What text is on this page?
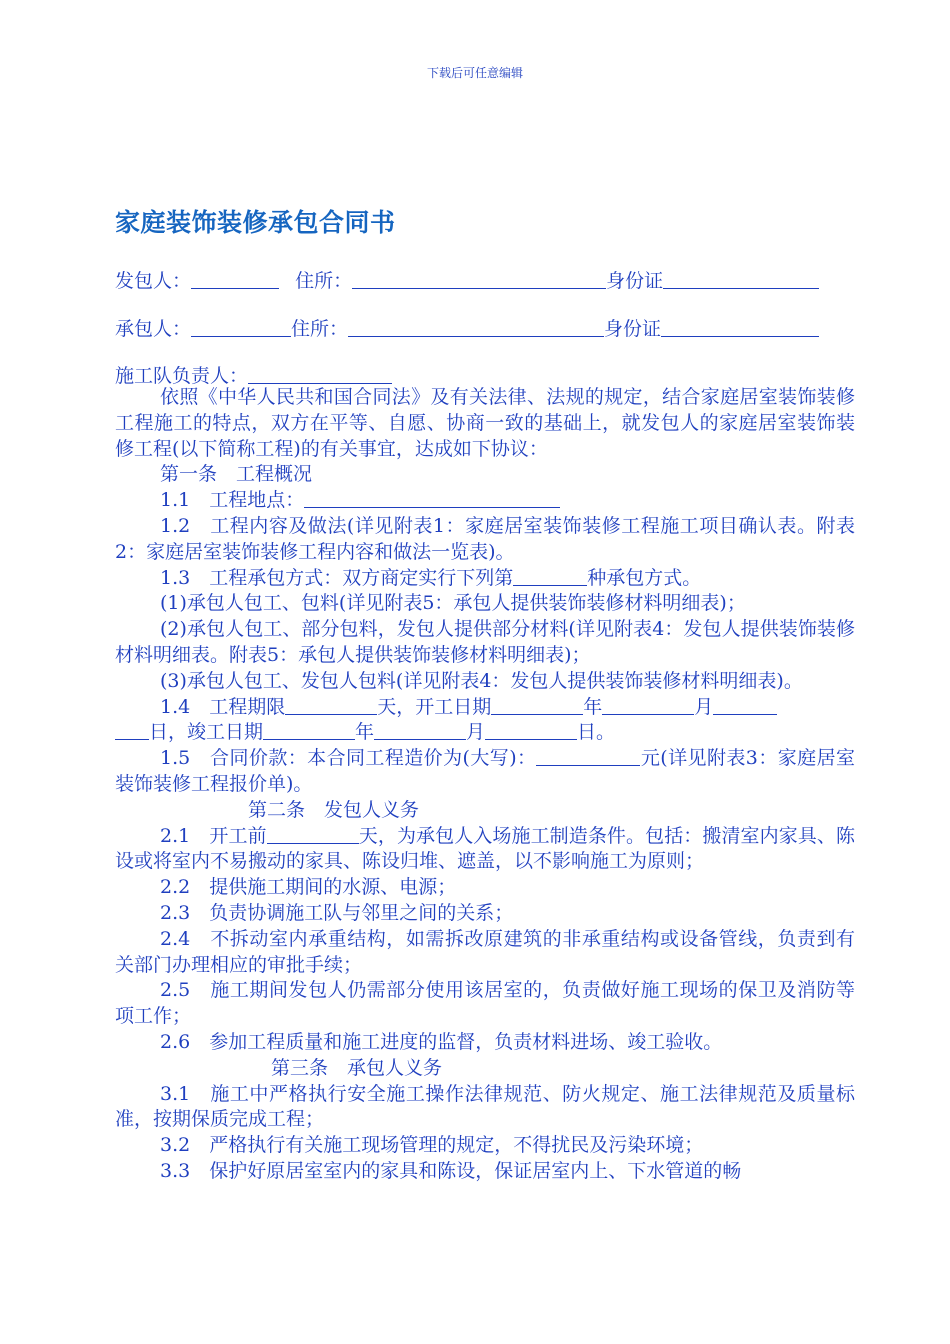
下载后可任意编辑
家庭装饰装修承包合同书
发包人：	住所：	身份证
承包人：	住所：	身份证
施工队负责人：

依照《中华人民共和国合同法》及有关法律、法规的规定，结合家庭居室装饰装修工程施工的特点，双方在平等、自愿、协商一致的基础上，就发包人的家庭居室装饰装修工程(以下简称工程)的有关事宜，达成如下协议：

第一条　工程概况

1.1　工程地点：

1.2　工程内容及做法(详见附表1：家庭居室装饰装修工程施工项目确认表。附表2：家庭居室装饰装修工程内容和做法一览表)。

1.3　工程承包方式：双方商定实行下列第	种承包方式。

(1)承包人包工、包料(详见附表5：承包人提供装饰装修材料明细表)；

(2)承包人包工、部分包料，发包人提供部分材料(详见附表4：发包人提供装饰装修材料明细表。附表5：承包人提供装饰装修材料明细表)；

(3)承包人包工、发包人包料(详见附表4：发包人提供装饰装修材料明细表)。

1.4　工程期限	天，开工日期	年	月
日，竣工日期	年	月	日。

1.5　合同价款：本合同工程造价为(大写)：	元(详见附表3：家庭居室装饰装修工程报价单)。

第二条　发包人义务

2.1　开工前	天，为承包人入场施工制造条件。包括：搬清室内家具、陈设或将室内不易搬动的家具、陈设归堆、遮盖，以不影响施工为原则；

2.2　提供施工期间的水源、电源；

2.3　负责协调施工队与邻里之间的关系；

2.4　不拆动室内承重结构，如需拆改原建筑的非承重结构或设备管线，负责到有关部门办理相应的审批手续；

2.5　施工期间发包人仍需部分使用该居室的，负责做好施工现场的保卫及消防等项工作；

2.6　参加工程质量和施工进度的监督，负责材料进场、竣工验收。

第三条　承包人义务

3.1　施工中严格执行安全施工操作法律规范、防火规定、施工法律规范及质量标准，按期保质完成工程；

3.2　严格执行有关施工现场管理的规定，不得扰民及污染环境；

3.3　保护好原居室室内的家具和陈设，保证居室内上、下水管道的畅
